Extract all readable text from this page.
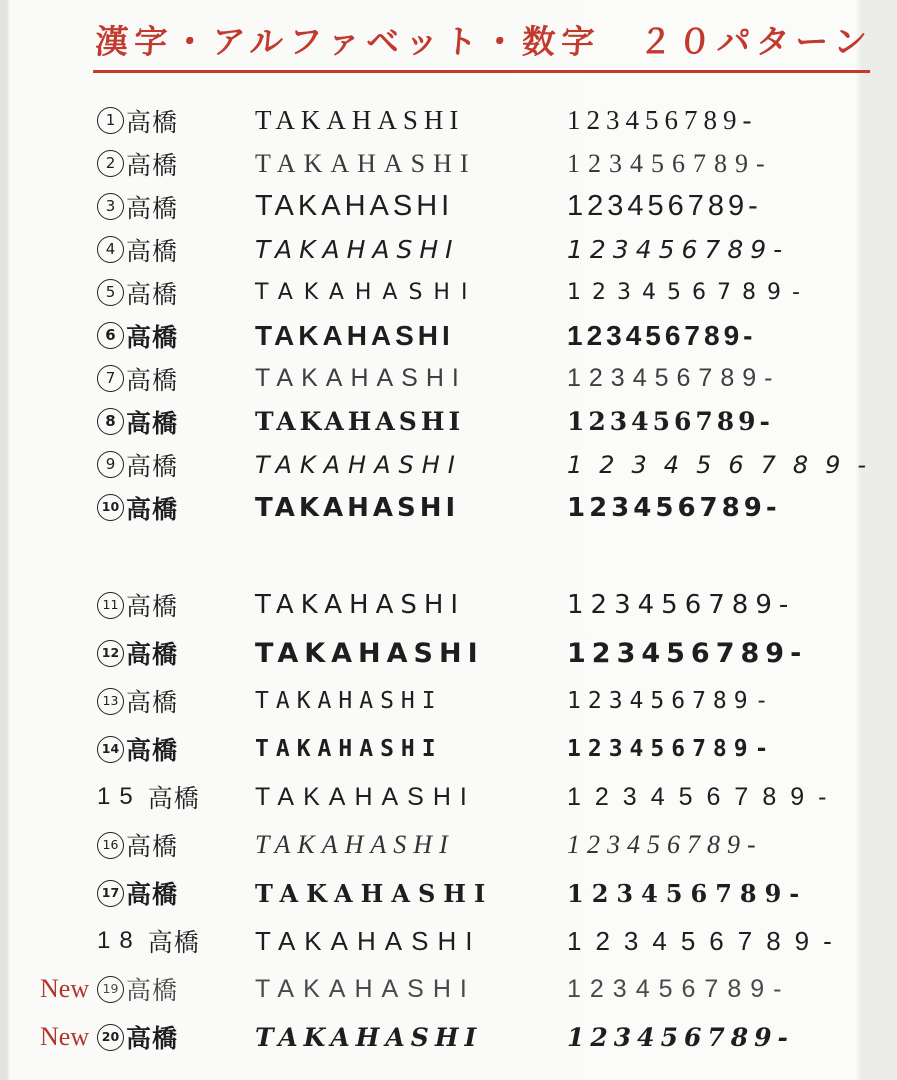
漢字・アルファベット・数字　２０パターン
1 高橋	TAKAHASHI	123456789-
2 高橋	TAKAHASHI	123456789-
3 高橋	TAKAHASHI	123456789-
4 高橋	TAKAHASHI	123456789-
5 高橋	TAKAHASHI	123456789-
6 高橋	TAKAHASHI	123456789-
7 高橋	TAKAHASHI	123456789-
8 高橋	TAKAHASHI	123456789-
9 高橋	TAKAHASHI	123456789-
10 高橋	TAKAHASHI	123456789-
11 高橋	TAKAHASHI	123456789-
12 高橋	TAKAHASHI	123456789-
13 高橋	TAKAHASHI	123456789-
14 高橋	TAKAHASHI	123456789-
15 高橋 TAKAHASHI	123456789-
16 高橋	TAKAHASHI	123456789-
17 高橋	TAKAHASHI	123456789-
18 高橋 TAKAHASHI	123456789-
New	19 高橋	TAKAHASHI	123456789-
New	20 高橋	TAKAHASHI	123456789-
